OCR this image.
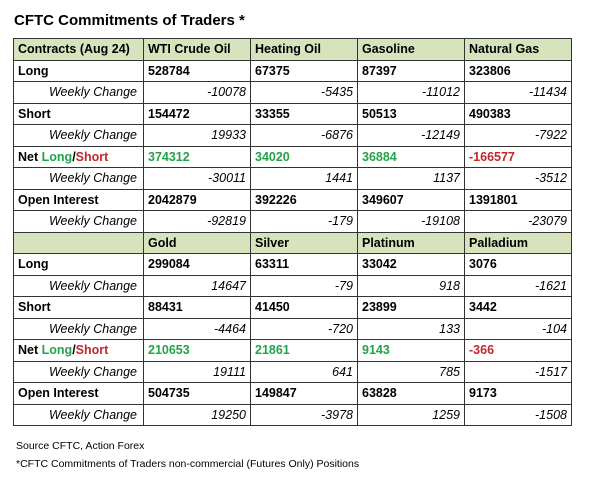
CFTC Commitments of Traders *
Contracts (Aug 24)	WTI Crude Oil	Heating Oil	Gasoline	Natural Gas
Long	528784	67375	87397	323806
Weekly Change	-10078	-5435	-11012	-11434
Short	154472	33355	50513	490383
Weekly Change	19933	-6876	-12149	-7922
Net Long/Short	374312	34020	36884	-166577
Weekly Change	-30011	1441	1137	-3512
Open Interest	2042879	392226	349607	1391801
Weekly Change	-92819	-179	-19108	-23079
	Gold	Silver	Platinum	Palladium
Long	299084	63311	33042	3076
Weekly Change	14647	-79	918	-1621
Short	88431	41450	23899	3442
Weekly Change	-4464	-720	133	-104
Net Long/Short	210653	21861	9143	-366
Weekly Change	19111	641	785	-1517
Open Interest	504735	149847	63828	9173
Weekly Change	19250	-3978	1259	-1508
Source CFTC, Action Forex
*CFTC Commitments of Traders non-commercial (Futures Only) Positions
